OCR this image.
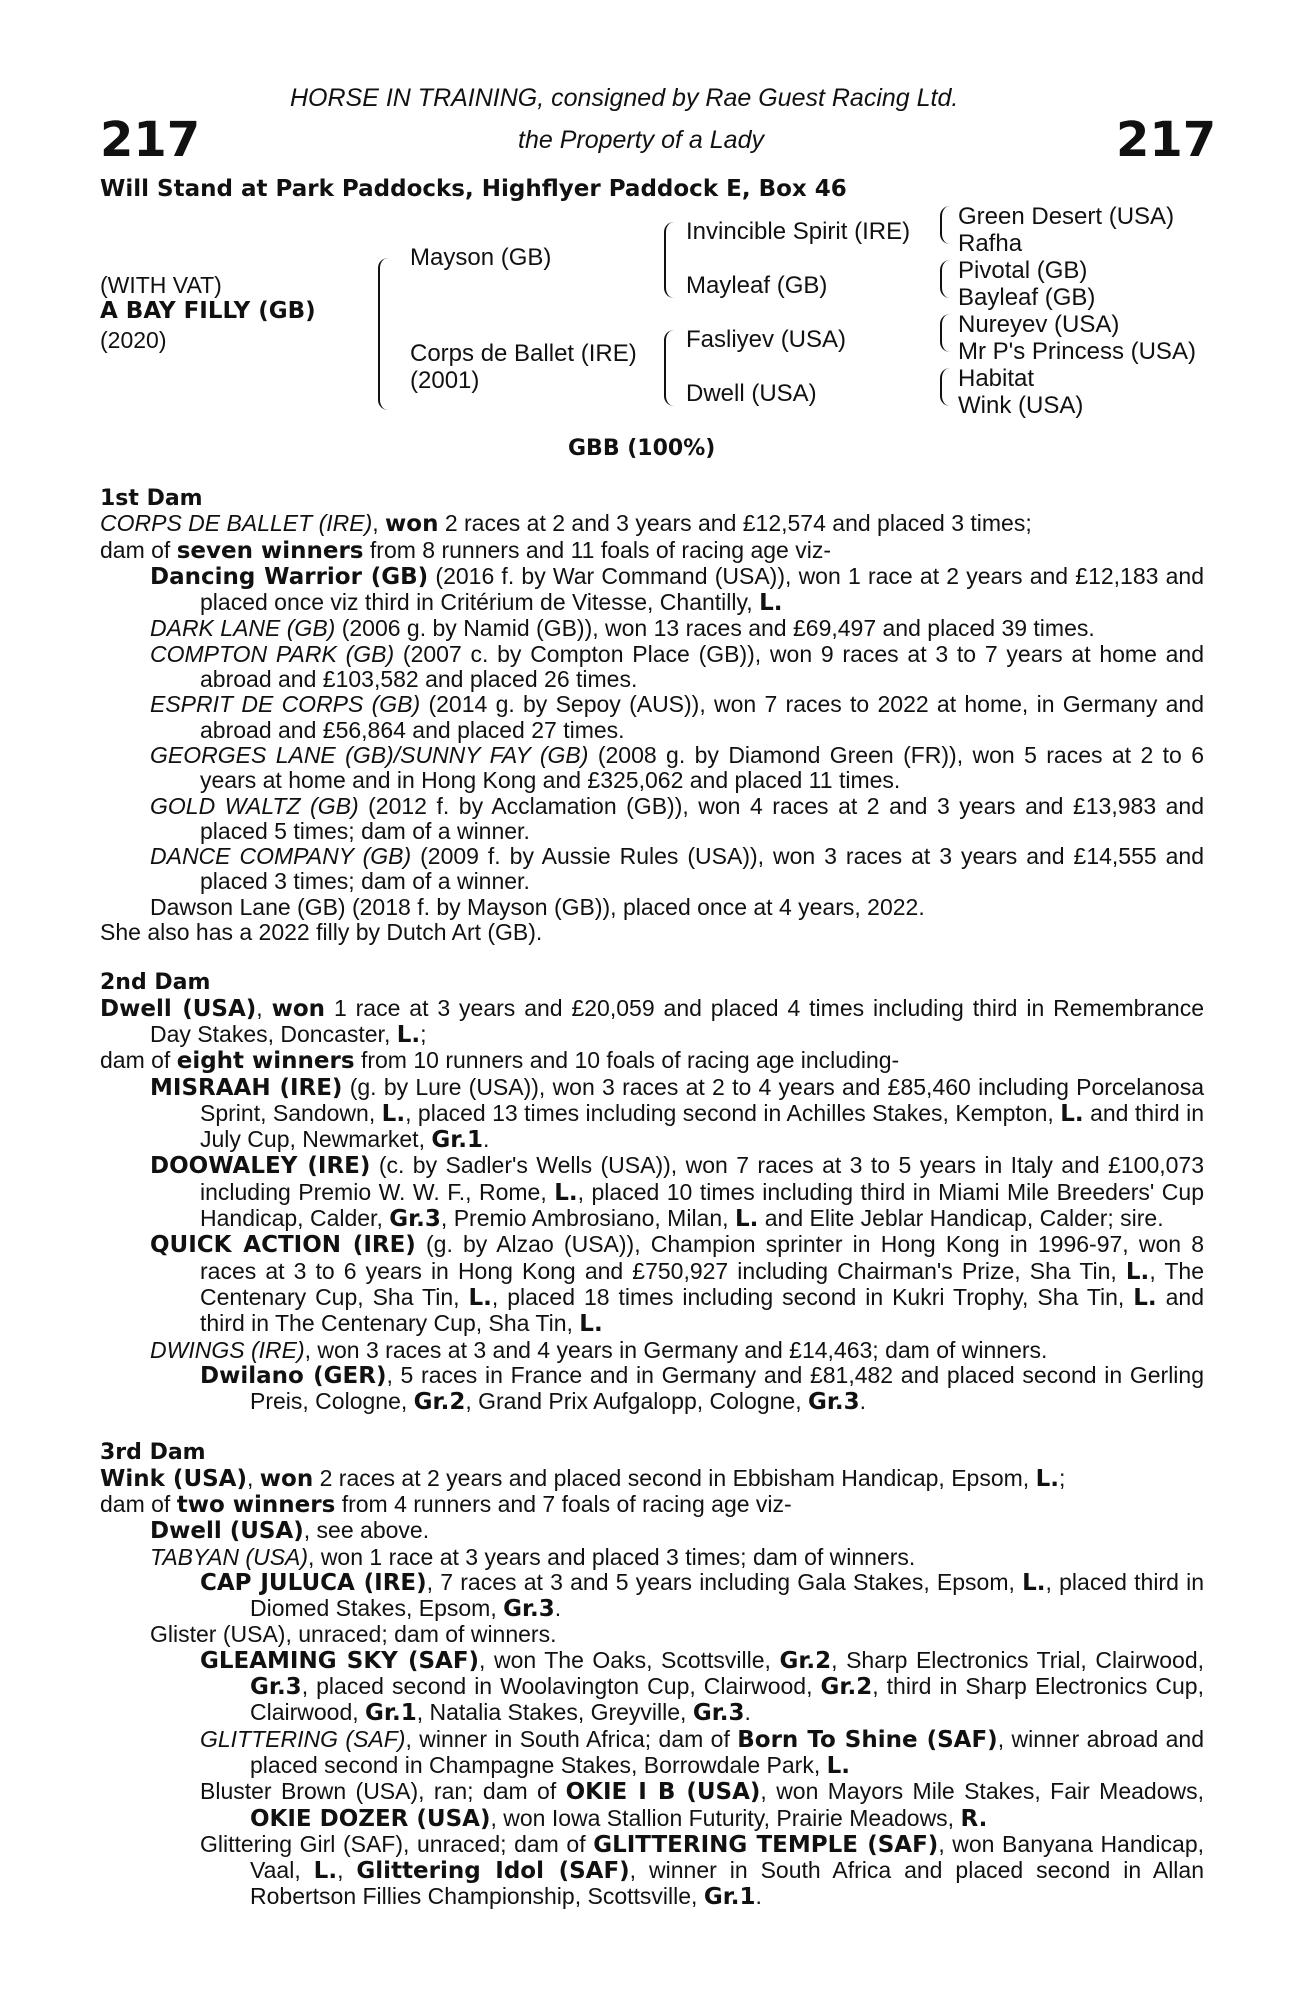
HORSE IN TRAINING, consigned by Rae Guest Racing Ltd.
the Property of a Lady
217	217
Will Stand at Park Paddocks, Highflyer Paddock E, Box 46
(WITH VAT)
A BAY FILLY (GB)
(2020)
Mayson (GB)
Corps de Ballet (IRE)
(2001)
Invincible Spirit (IRE)
Mayleaf (GB)
Fasliyev (USA)
Dwell (USA)
Green Desert (USA)
Rafha
Pivotal (GB)
Bayleaf (GB)
Nureyev (USA)
Mr P's Princess (USA)
Habitat
Wink (USA)
GBB (100%)

1st Dam

CORPS DE BALLET (IRE), won 2 races at 2 and 3 years and £12,574 and placed 3 times;

dam of seven winners from 8 runners and 11 foals of racing age viz-

Dancing Warrior (GB) (2016 f. by War Command (USA)), won 1 race at 2 years and £12,183 and placed once viz third in Critérium de Vitesse, Chantilly, L.

DARK LANE (GB) (2006 g. by Namid (GB)), won 13 races and £69,497 and placed 39 times.

COMPTON PARK (GB) (2007 c. by Compton Place (GB)), won 9 races at 3 to 7 years at home and abroad and £103,582 and placed 26 times.

ESPRIT DE CORPS (GB) (2014 g. by Sepoy (AUS)), won 7 races to 2022 at home, in Germany and abroad and £56,864 and placed 27 times.

GEORGES LANE (GB)/SUNNY FAY (GB) (2008 g. by Diamond Green (FR)), won 5 races at 2 to 6 years at home and in Hong Kong and £325,062 and placed 11 times.

GOLD WALTZ (GB) (2012 f. by Acclamation (GB)), won 4 races at 2 and 3 years and £13,983 and placed 5 times; dam of a winner.

DANCE COMPANY (GB) (2009 f. by Aussie Rules (USA)), won 3 races at 3 years and £14,555 and placed 3 times; dam of a winner.

Dawson Lane (GB) (2018 f. by Mayson (GB)), placed once at 4 years, 2022.

She also has a 2022 filly by Dutch Art (GB).

2nd Dam

Dwell (USA), won 1 race at 3 years and £20,059 and placed 4 times including third in Remembrance Day Stakes, Doncaster, L.;

dam of eight winners from 10 runners and 10 foals of racing age including-

MISRAAH (IRE) (g. by Lure (USA)), won 3 races at 2 to 4 years and £85,460 including Porcelanosa Sprint, Sandown, L., placed 13 times including second in Achilles Stakes, Kempton, L. and third in July Cup, Newmarket, Gr.1.

DOOWALEY (IRE) (c. by Sadler's Wells (USA)), won 7 races at 3 to 5 years in Italy and £100,073 including Premio W. W. F., Rome, L., placed 10 times including third in Miami Mile Breeders' Cup Handicap, Calder, Gr.3, Premio Ambrosiano, Milan, L. and Elite Jeblar Handicap, Calder; sire.

QUICK ACTION (IRE) (g. by Alzao (USA)), Champion sprinter in Hong Kong in 1996-97, won 8 races at 3 to 6 years in Hong Kong and £750,927 including Chairman's Prize, Sha Tin, L., The Centenary Cup, Sha Tin, L., placed 18 times including second in Kukri Trophy, Sha Tin, L. and third in The Centenary Cup, Sha Tin, L.

DWINGS (IRE), won 3 races at 3 and 4 years in Germany and £14,463; dam of winners.

Dwilano (GER), 5 races in France and in Germany and £81,482 and placed second in Gerling Preis, Cologne, Gr.2, Grand Prix Aufgalopp, Cologne, Gr.3.

3rd Dam

Wink (USA), won 2 races at 2 years and placed second in Ebbisham Handicap, Epsom, L.;

dam of two winners from 4 runners and 7 foals of racing age viz-

Dwell (USA), see above.

TABYAN (USA), won 1 race at 3 years and placed 3 times; dam of winners.

CAP JULUCA (IRE), 7 races at 3 and 5 years including Gala Stakes, Epsom, L., placed third in Diomed Stakes, Epsom, Gr.3.

Glister (USA), unraced; dam of winners.

GLEAMING SKY (SAF), won The Oaks, Scottsville, Gr.2, Sharp Electronics Trial, Clairwood, Gr.3, placed second in Woolavington Cup, Clairwood, Gr.2, third in Sharp Electronics Cup, Clairwood, Gr.1, Natalia Stakes, Greyville, Gr.3.

GLITTERING (SAF), winner in South Africa; dam of Born To Shine (SAF), winner abroad and placed second in Champagne Stakes, Borrowdale Park, L.

Bluster Brown (USA), ran; dam of OKIE I B (USA), won Mayors Mile Stakes, Fair Meadows, OKIE DOZER (USA), won Iowa Stallion Futurity, Prairie Meadows, R.

Glittering Girl (SAF), unraced; dam of GLITTERING TEMPLE (SAF), won Banyana Handicap, Vaal, L., Glittering Idol (SAF), winner in South Africa and placed second in Allan Robertson Fillies Championship, Scottsville, Gr.1.
